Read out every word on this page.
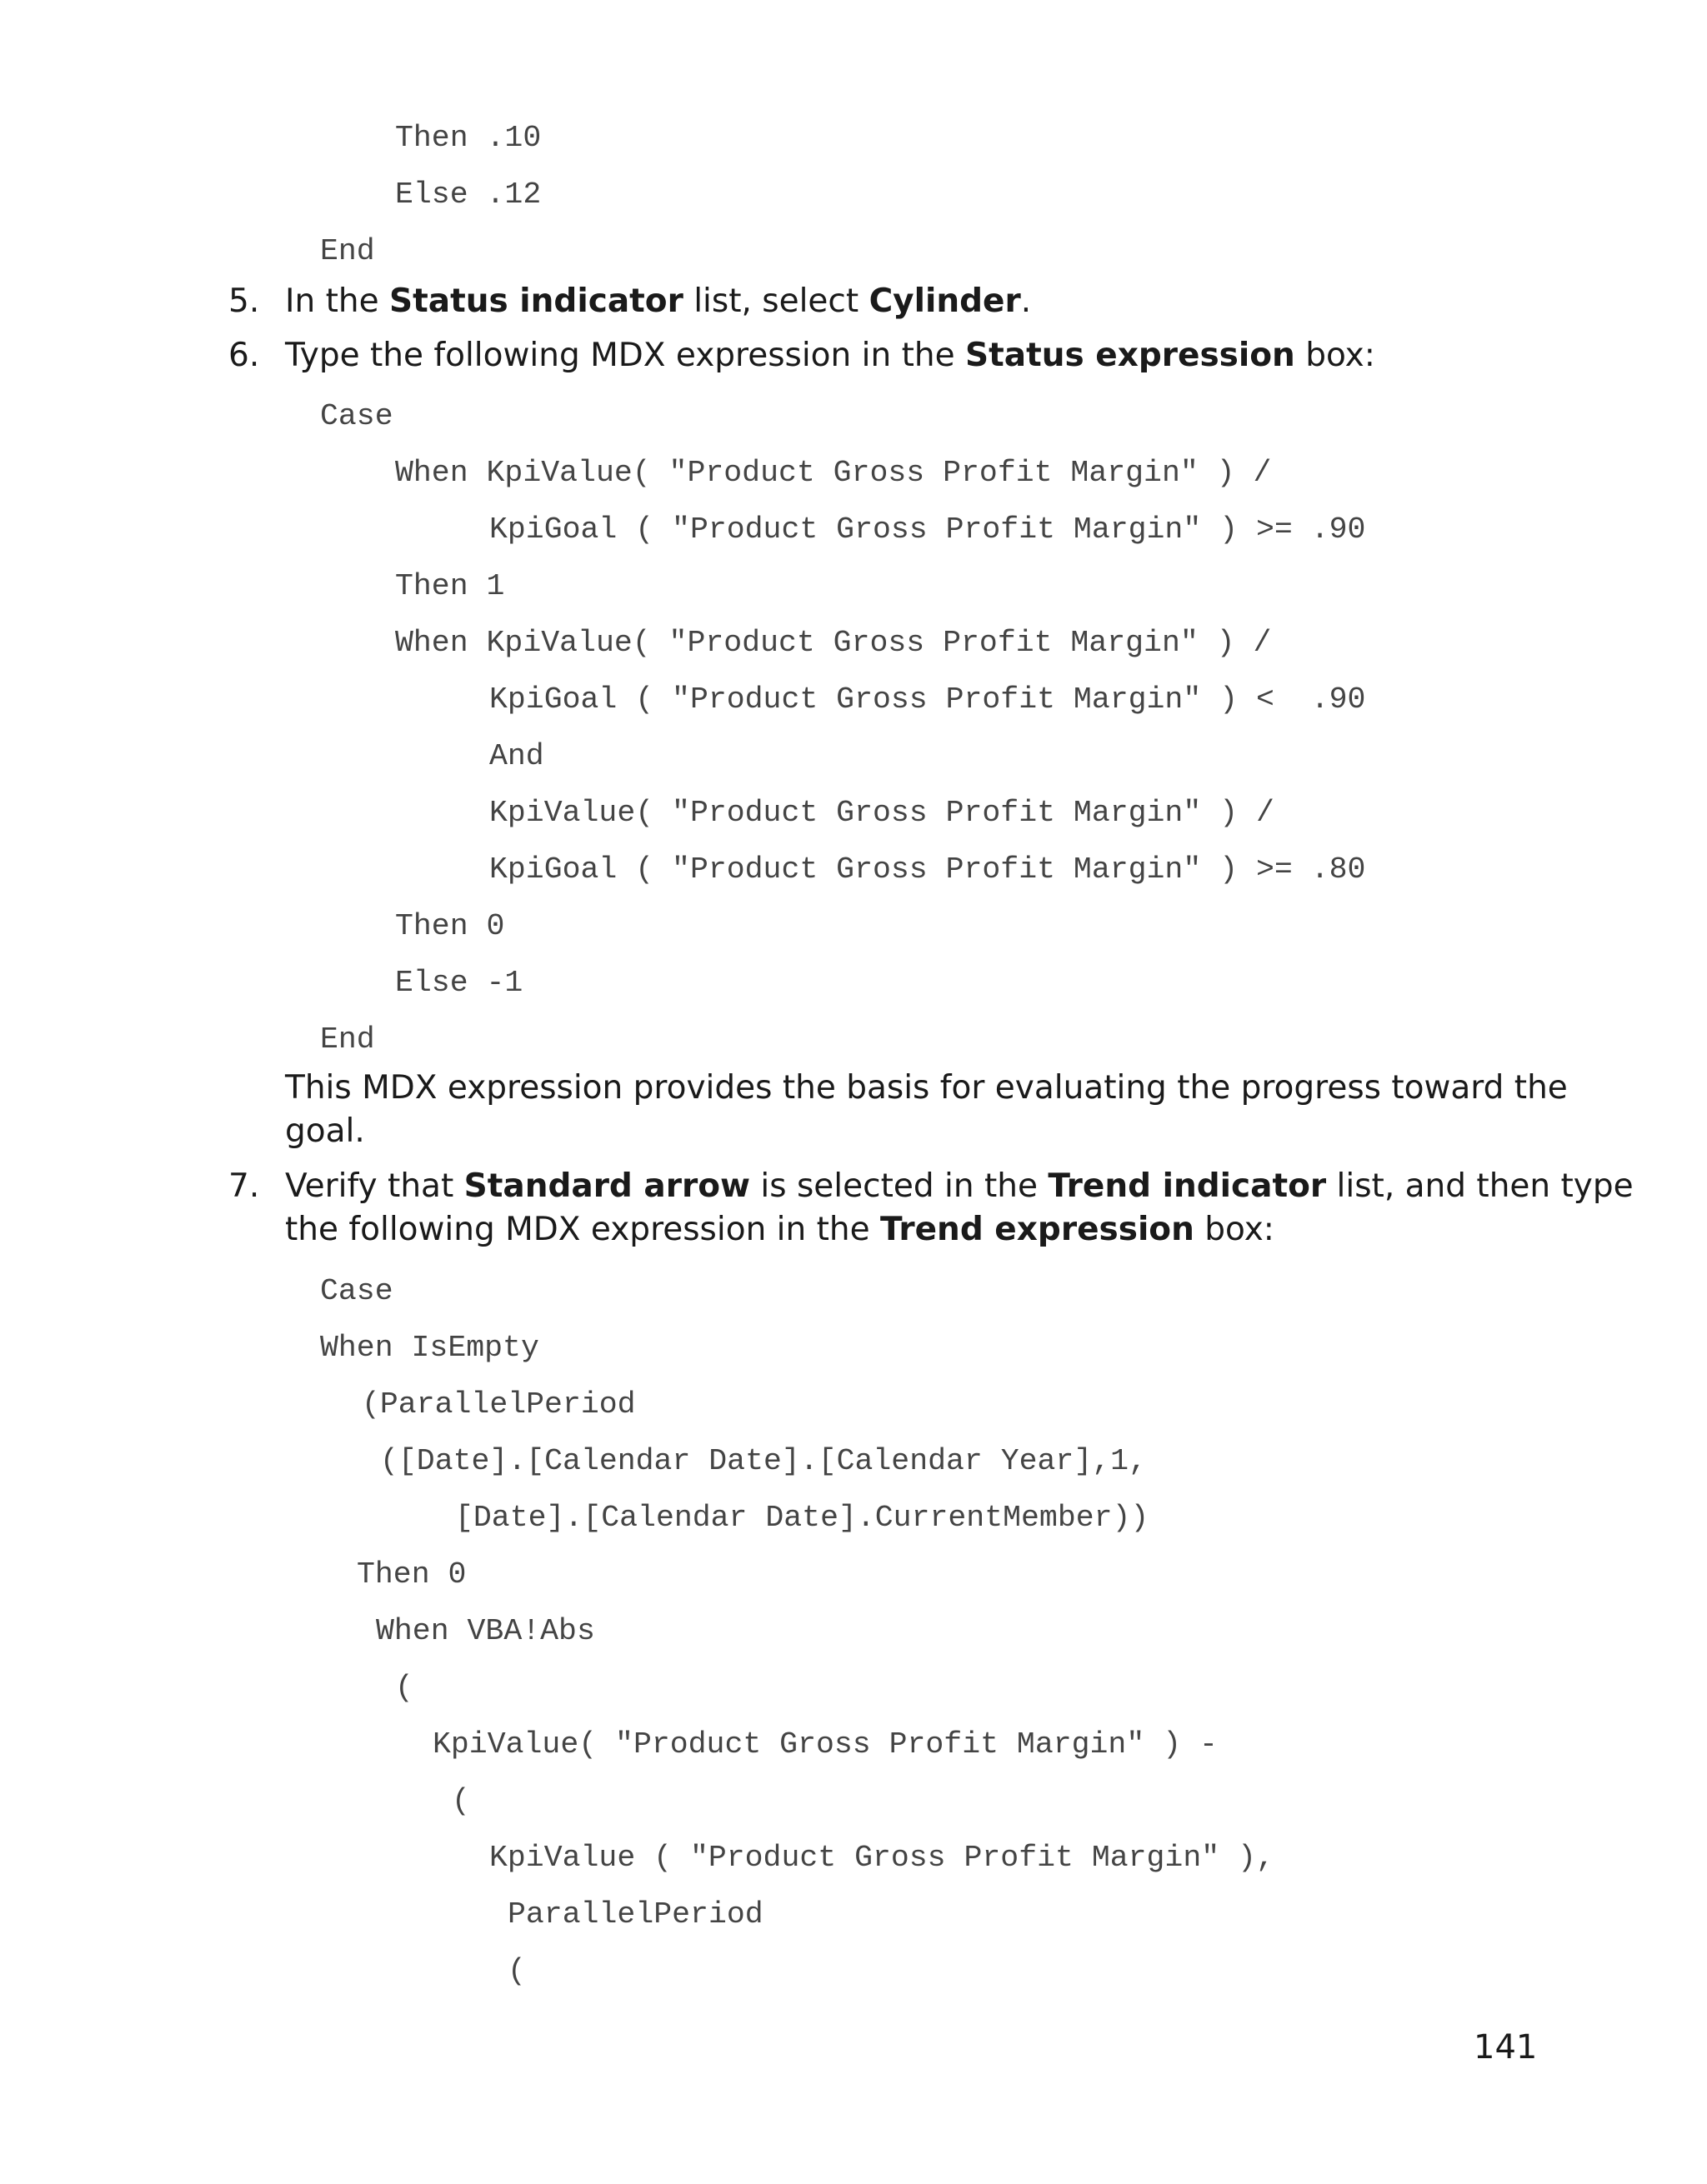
Then .10
Else .12
End
5. In the Status indicator list, select Cylinder.
6. Type the following MDX expression in the Status expression box:
Case
When KpiValue( "Product Gross Profit Margin" ) /
KpiGoal ( "Product Gross Profit Margin" ) >= .90
Then 1
When KpiValue( "Product Gross Profit Margin" ) /
KpiGoal ( "Product Gross Profit Margin" ) <  .90
And
KpiValue( "Product Gross Profit Margin" ) /
KpiGoal ( "Product Gross Profit Margin" ) >= .80
Then 0
Else -1
End
This MDX expression provides the basis for evaluating the progress toward the
goal.
7. Verify that Standard arrow is selected in the Trend indicator list, and then type
the following MDX expression in the Trend expression box:
Case
When IsEmpty
(ParallelPeriod
([Date].[Calendar Date].[Calendar Year],1,
[Date].[Calendar Date].CurrentMember))
Then 0
When VBA!Abs
(
KpiValue( "Product Gross Profit Margin" ) -
(
KpiValue ( "Product Gross Profit Margin" ),
ParallelPeriod
(
141
